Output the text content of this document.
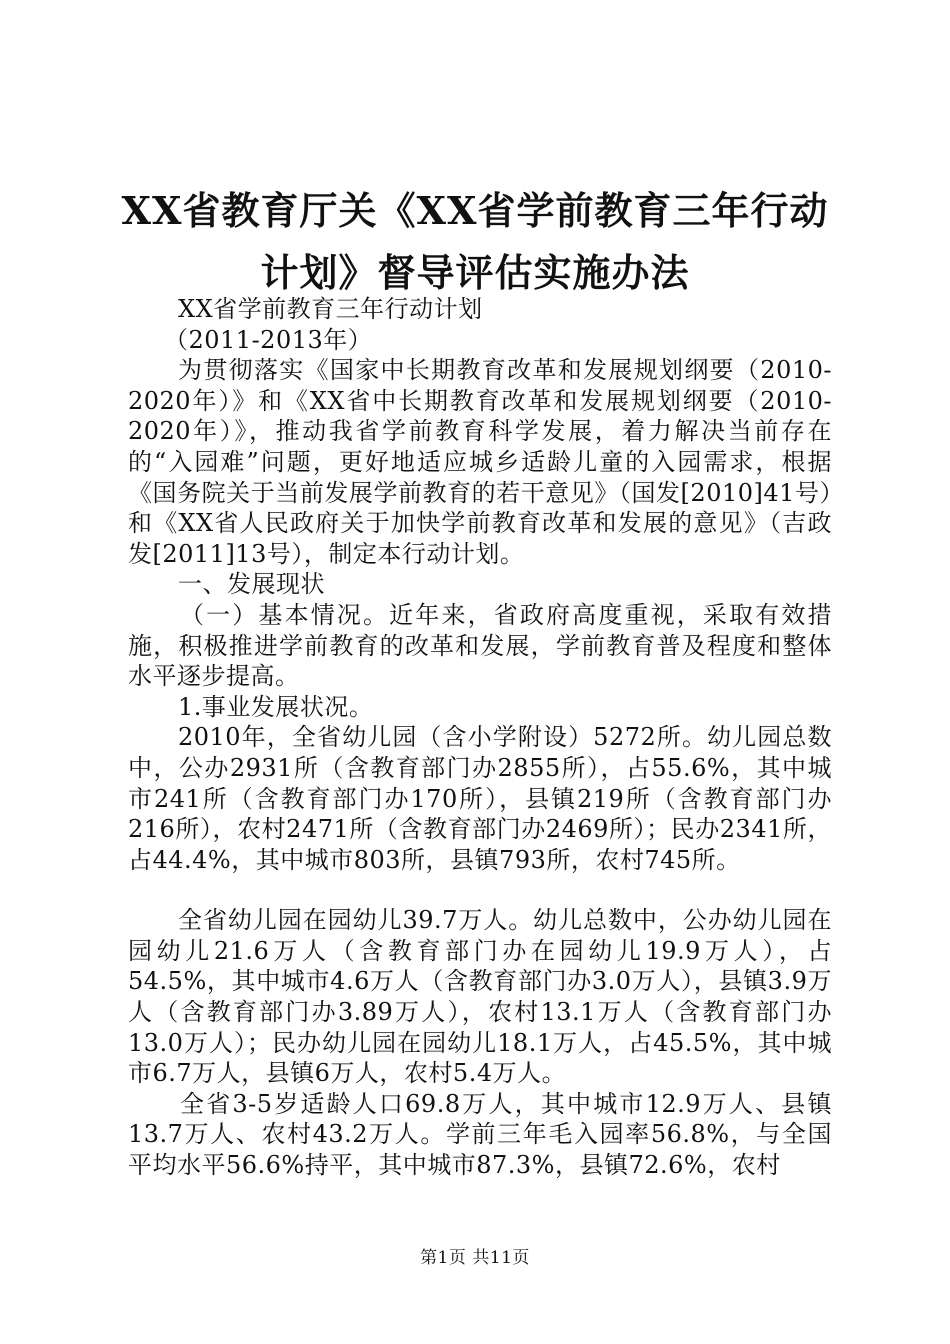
XX省教育厅关《XX省学前教育三年行动计划》督导评估实施办法

XX省学前教育三年行动计划

（2011-2013年）

为贯彻落实《国家中长期教育改革和发展规划纲要（2010-2020年）》和《XX省中长期教育改革和发展规划纲要（2010-2020年）》，推动我省学前教育科学发展，着力解决当前存在的“入园难”问题，更好地适应城乡适龄儿童的入园需求，根据《国务院关于当前发展学前教育的若干意见》（国发[2010]41号）和《XX省人民政府关于加快学前教育改革和发展的意见》（吉政发[2011]13号），制定本行动计划。

一、发展现状

（一）基本情况。近年来，省政府高度重视，采取有效措施，积极推进学前教育的改革和发展，学前教育普及程度和整体水平逐步提高。

1.事业发展状况。

2010年，全省幼儿园（含小学附设）5272所。幼儿园总数中，公办2931所（含教育部门办2855所），占55.6%，其中城市241所（含教育部门办170所），县镇219所（含教育部门办216所），农村2471所（含教育部门办2469所）；民办2341所，占44.4%，其中城市803所，县镇793所，农村745所。

全省幼儿园在园幼儿39.7万人。幼儿总数中，公办幼儿园在园幼儿21.6万人（含教育部门办在园幼儿19.9万人），占54.5%，其中城市4.6万人（含教育部门办3.0万人），县镇3.9万人（含教育部门办3.89万人），农村13.1万人（含教育部门办13.0万人）；民办幼儿园在园幼儿18.1万人，占45.5%，其中城市6.7万人，县镇6万人，农村5.4万人。

全省3-5岁适龄人口69.8万人，其中城市12.9万人、县镇13.7万人、农村43.2万人。学前三年毛入园率56.8%，与全国平均水平56.6%持平，其中城市87.3%，县镇72.6%，农村

第1页 共11页
